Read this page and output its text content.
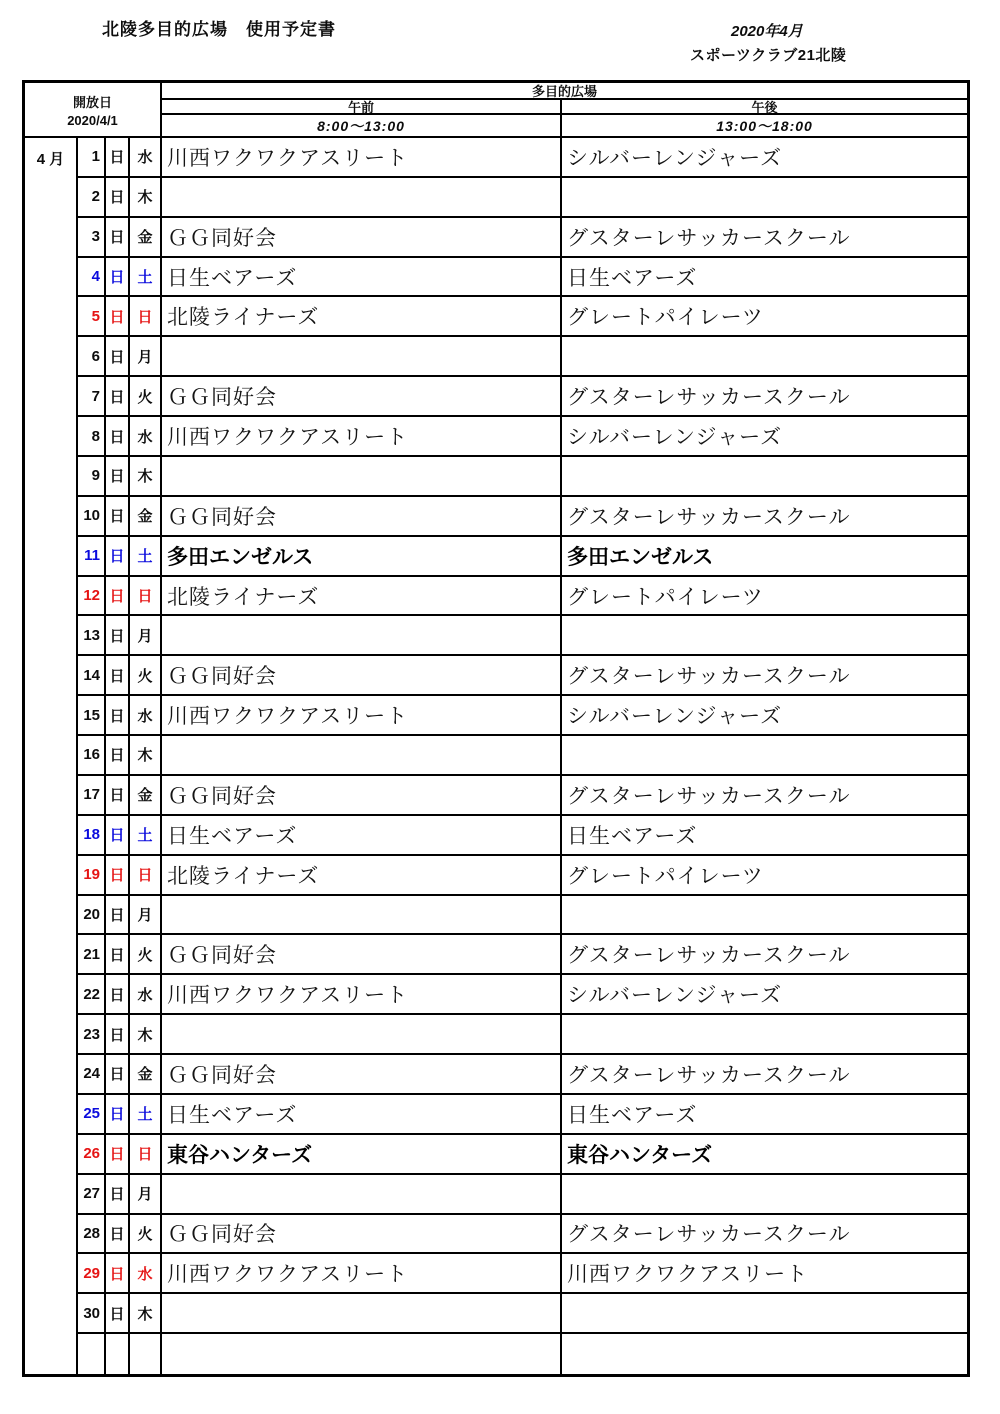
北陵多目的広場　使用予定書	2020年4月
スポーツクラブ21北陵
開放日
2020/4/1
多目的広場
午前	午後
8:00～13:00	13:00～18:00
4 月 1 日 水 川西ワクワクアスリート	シルバーレンジャーズ
2 日 木
3 日 金 ＧＧ同好会	グスターレサッカースクール
4 日 土 日生ベアーズ	日生ベアーズ
5 日 日 北陵ライナーズ	グレートパイレーツ
6 日 月
7 日 火 ＧＧ同好会	グスターレサッカースクール
8 日 水 川西ワクワクアスリート	シルバーレンジャーズ
9 日 木
10 日 金 ＧＧ同好会	グスターレサッカースクール
11 日 土 多田エンゼルス	多田エンゼルス
12 日 日 北陵ライナーズ	グレートパイレーツ
13 日 月
14 日 火 ＧＧ同好会	グスターレサッカースクール
15 日 水 川西ワクワクアスリート	シルバーレンジャーズ
16 日 木
17 日 金 ＧＧ同好会	グスターレサッカースクール
18 日 土 日生ベアーズ	日生ベアーズ
19 日 日 北陵ライナーズ	グレートパイレーツ
20 日 月
21 日 火 ＧＧ同好会	グスターレサッカースクール
22 日 水 川西ワクワクアスリート	シルバーレンジャーズ
23 日 木
24 日 金 ＧＧ同好会	グスターレサッカースクール
25 日 土 日生ベアーズ	日生ベアーズ
26 日 日 東谷ハンターズ	東谷ハンターズ
27 日 月
28 日 火 ＧＧ同好会	グスターレサッカースクール
29 日 水 川西ワクワクアスリート	川西ワクワクアスリート
30 日 木
